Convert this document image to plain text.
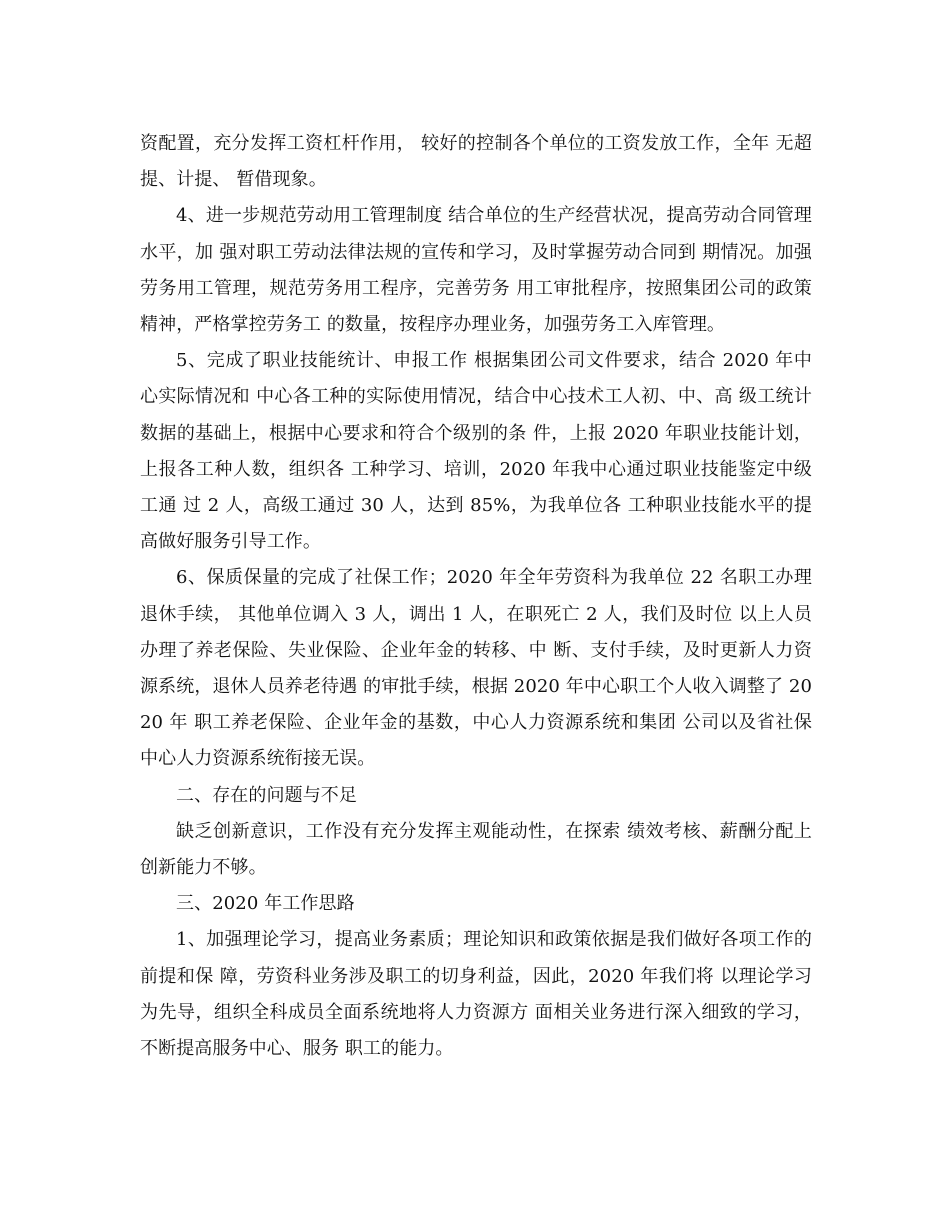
资配置，充分发挥工资杠杆作用， 较好的控制各个单位的工资发放工作，全年 无超提、计提、 暂借现象。

4、进一步规范劳动用工管理制度 结合单位的生产经营状况，提高劳动合同管理水平，加 强对职工劳动法律法规的宣传和学习，及时掌握劳动合同到 期情况。加强劳务用工管理，规范劳务用工程序，完善劳务 用工审批程序，按照集团公司的政策精神，严格掌控劳务工 的数量，按程序办理业务，加强劳务工入库管理。

5、完成了职业技能统计、申报工作 根据集团公司文件要求，结合 2020 年中心实际情况和 中心各工种的实际使用情况，结合中心技术工人初、中、高 级工统计数据的基础上，根据中心要求和符合个级别的条 件，上报 2020 年职业技能计划，上报各工种人数，组织各 工种学习、培训，2020 年我中心通过职业技能鉴定中级工通 过 2 人，高级工通过 30 人，达到 85%，为我单位各 工种职业技能水平的提高做好服务引导工作。

6、保质保量的完成了社保工作；2020 年全年劳资科为我单位 22 名职工办理退休手续， 其他单位调入 3 人，调出 1 人，在职死亡 2 人，我们及时位 以上人员办理了养老保险、失业保险、企业年金的转移、中 断、支付手续，及时更新人力资源系统，退休人员养老待遇 的审批手续，根据 2020 年中心职工个人收入调整了 2020 年 职工养老保险、企业年金的基数，中心人力资源系统和集团 公司以及省社保中心人力资源系统衔接无误。

二、存在的问题与不足

缺乏创新意识，工作没有充分发挥主观能动性，在探索 绩效考核、薪酬分配上创新能力不够。

三、2020 年工作思路

1、加强理论学习，提高业务素质；理论知识和政策依据是我们做好各项工作的前提和保 障，劳资科业务涉及职工的切身利益，因此，2020 年我们将 以理论学习为先导，组织全科成员全面系统地将人力资源方 面相关业务进行深入细致的学习，不断提高服务中心、服务 职工的能力。
